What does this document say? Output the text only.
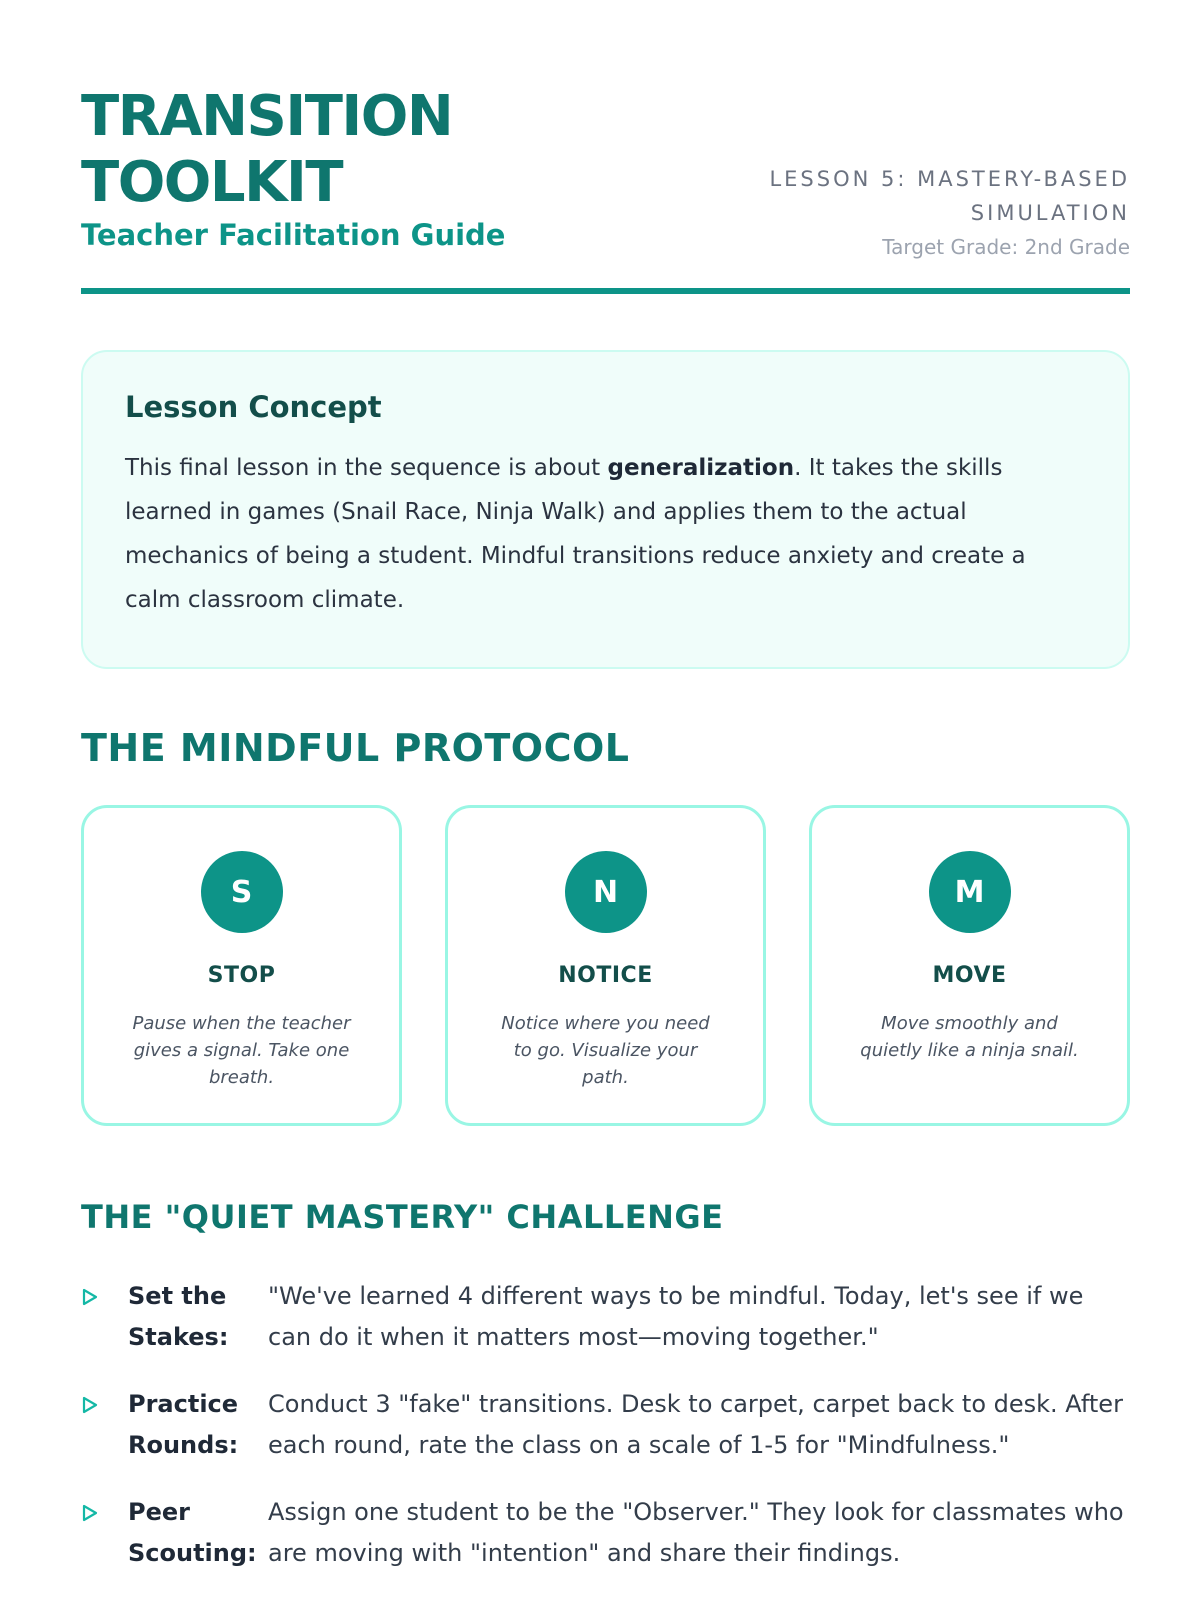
TRANSITION
TOOLKIT
Teacher Facilitation Guide
LESSON 5: MASTERY-BASED
SIMULATION
Target Grade: 2nd Grade
Lesson Concept

This final lesson in the sequence is about generalization. It takes the skills learned in games (Snail Race, Ninja Walk) and applies them to the actual mechanics of being a student. Mindful transitions reduce anxiety and create a calm classroom climate.

THE MINDFUL PROTOCOL
S
STOP
Pause when the teacher gives a signal. Take one breath.
N
NOTICE
Notice where you need to go. Visualize your path.
M
MOVE
Move smoothly and quietly like a ninja snail.
THE "QUIET MASTERY" CHALLENGE
Set the Stakes:
"We've learned 4 different ways to be mindful. Today, let's see if we can do it when it matters most—moving together."
Practice Rounds:
Conduct 3 "fake" transitions. Desk to carpet, carpet back to desk. After each round, rate the class on a scale of 1-5 for "Mindfulness."
Peer Scouting:
Assign one student to be the "Observer." They look for classmates who are moving with "intention" and share their findings.
